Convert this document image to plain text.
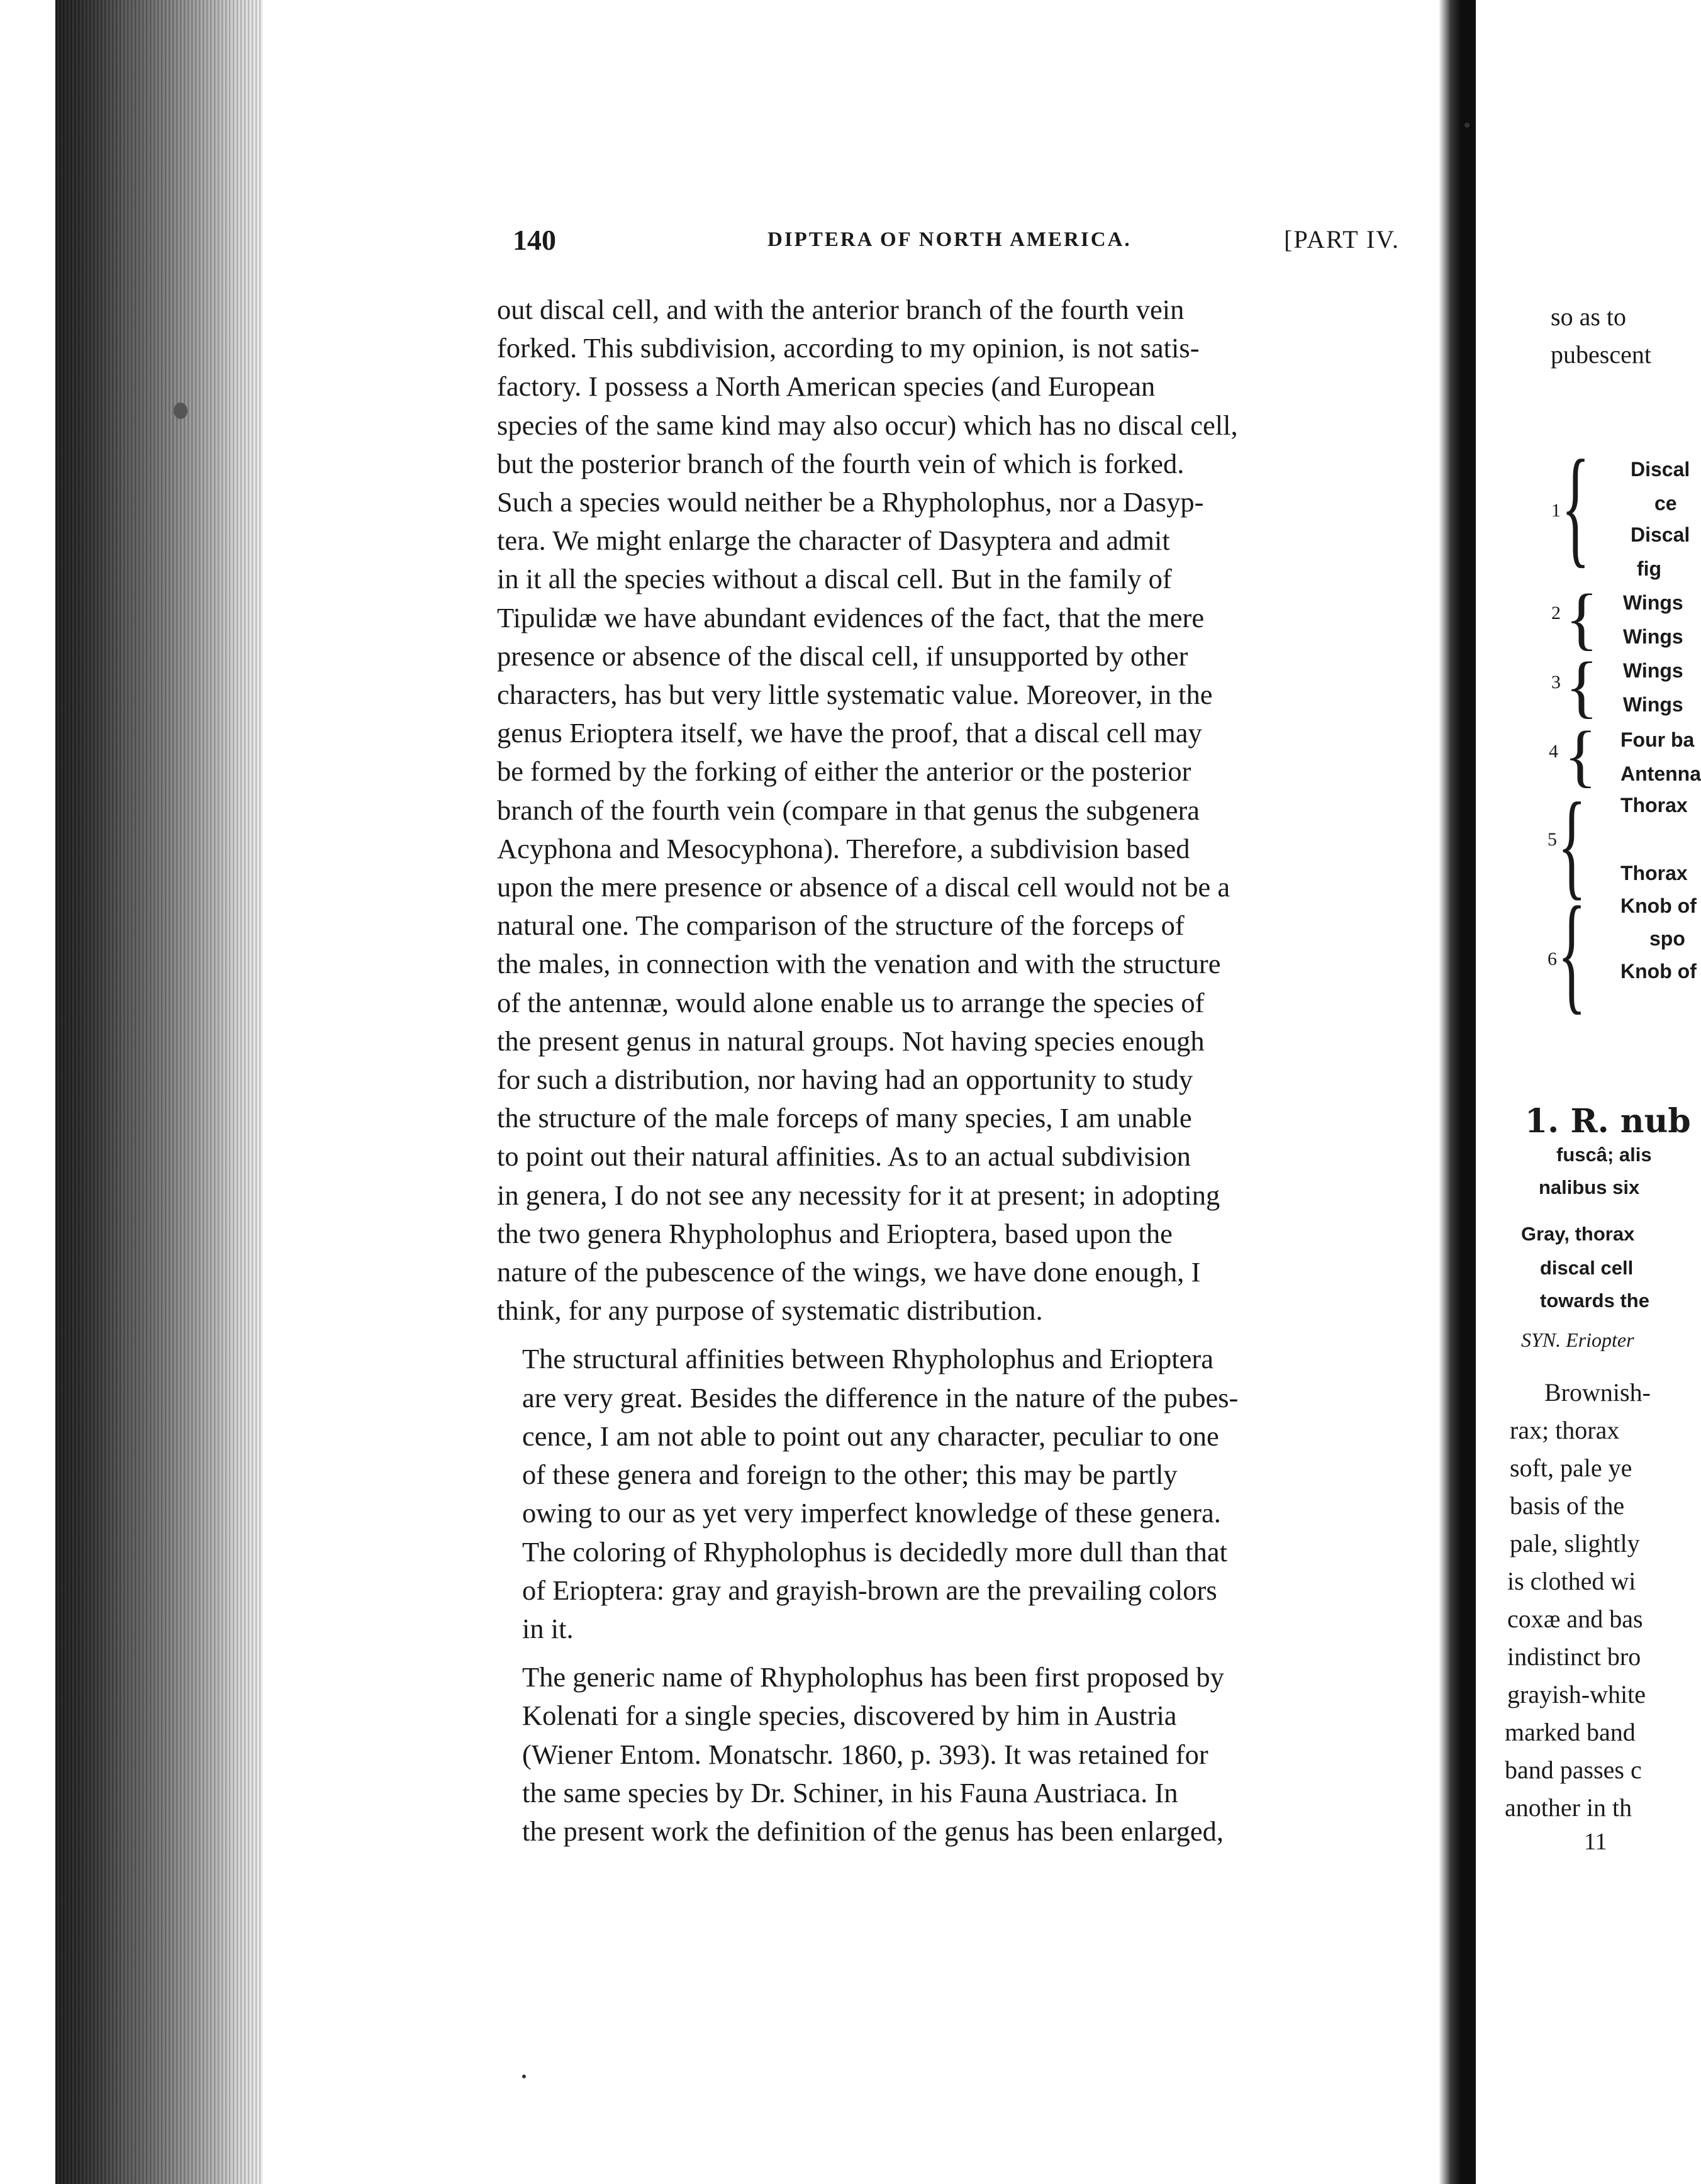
140	DIPTERA OF NORTH AMERICA.	[PART IV.

out discal cell, and with the anterior branch of the fourth vein
forked. This subdivision, according to my opinion, is not satis-
factory. I possess a North American species (and European
species of the same kind may also occur) which has no discal cell,
but the posterior branch of the fourth vein of which is forked.
Such a species would neither be a Rhypholophus, nor a Dasyp-
tera. We might enlarge the character of Dasyptera and admit
in it all the species without a discal cell. But in the family of
Tipulidæ we have abundant evidences of the fact, that the mere
presence or absence of the discal cell, if unsupported by other
characters, has but very little systematic value. Moreover, in the
genus Erioptera itself, we have the proof, that a discal cell may
be formed by the forking of either the anterior or the posterior
branch of the fourth vein (compare in that genus the subgenera
Acyphona and Mesocyphona). Therefore, a subdivision based
upon the mere presence or absence of a discal cell would not be a
natural one. The comparison of the structure of the forceps of
the males, in connection with the venation and with the structure
of the antennæ, would alone enable us to arrange the species of
the present genus in natural groups. Not having species enough
for such a distribution, nor having had an opportunity to study
the structure of the male forceps of many species, I am unable
to point out their natural affinities. As to an actual subdivision
in genera, I do not see any necessity for it at present; in adopting
the two genera Rhypholophus and Erioptera, based upon the
nature of the pubescence of the wings, we have done enough, I
think, for any purpose of systematic distribution.

The structural affinities between Rhypholophus and Erioptera
are very great. Besides the difference in the nature of the pubes-
cence, I am not able to point out any character, peculiar to one
of these genera and foreign to the other; this may be partly
owing to our as yet very imperfect knowledge of these genera.
The coloring of Rhypholophus is decidedly more dull than that
of Erioptera: gray and grayish-brown are the prevailing colors
in it.

The generic name of Rhypholophus has been first proposed by
Kolenati for a single species, discovered by him in Austria
(Wiener Entom. Monatschr. 1860, p. 393). It was retained for
the same species by Dr. Schiner, in his Fauna Austriaca. In
the present work the definition of the genus has been enlarged,

so as to
pubescent
1 { Discal
ce
Discal
fig
2 { Wings
Wings
3 { Wings
Wings
4 { Four ba
Antenna
5 { Thorax
Thorax
6 { Knob of
spo
Knob of
1. R. nub
fuscâ; alis
nalibus six
Gray, thorax
discal cell
towards the
SYN. Eriopter
Brownish-
rax; thorax
soft, pale ye
basis of the
pale, slightly
is clothed wi
coxæ and bas
indistinct bro
grayish-white
marked band
band passes c
another in th
11
